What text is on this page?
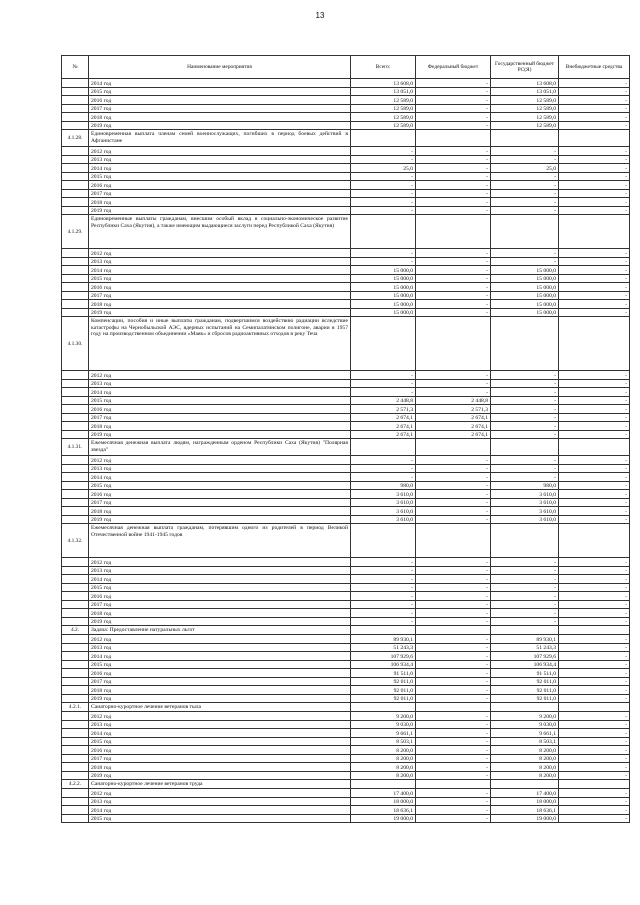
13
№	Наименование мероприятия	Всего:	Федеральный бюджет	Государственный бюджет РС(Я)	Внебюджетные средства
	2014 год	13 608,0	-	13 608,0	-
	2015 год	13 051,0	-	13 051,0	-
	2016 год	12 589,0	-	12 589,0	-
	2017 год	12 589,0	-	12 589,0	-
	2018 год	12 589,0	-	12 589,0	-
	2019 год	12 589,0	-	12 589,0	-
4.1.28.	Единовременная выплата членам семей военнослужащих, погибших в период боевых действий в Афганистане				
	2012 год	-	-	-	-
	2013 год	-	-	-	-
	2014 год	25,0	-	25,0	-
	2015 год	-	-	-	-
	2016 год	-	-	-	-
	2017 год	-	-	-	-
	2018 год	-	-	-	-
	2019 год	-	-	-	-
4.1.29.	Единовременные выплаты гражданам, внесшим особый вклад в социально-экономическое развитие Республики Саха (Якутия), а также имеющим выдающиеся заслуги перед Республикой Саха (Якутия)				
	2012 год	-	-	-	-
	2013 год	-	-	-	-
	2014 год	15 000,0	-	15 000,0	-
	2015 год	15 000,0	-	15 000,0	-
	2016 год	15 000,0	-	15 000,0	-
	2017 год	15 000,0	-	15 000,0	-
	2018 год	15 000,0	-	15 000,0	-
	2019 год	15 000,0	-	15 000,0	-
4.1.30.	Компенсации, пособия и иные выплаты гражданам, подвергшимся воздействию радиации вследствие катастрофы на Чернобыльской АЭС, ядерных испытаний на Семипалатинском полигоне, аварии в 1957 году на производственном объединении «Маяк» и сбросов радиоактивных отходов в реку Теча				
	2012 год	-	-	-	-
	2013 год	-	-	-	-
	2014 год	-	-	-	-
	2015 год	2 448,8	2 448,8	-	-
	2016 год	2 571,3	2 571,3	-	-
	2017 год	2 674,1	2 674,1	-	-
	2018 год	2 674,1	2 674,1	-	-
	2019 год	2 674,1	2 674,1	-	-
4.1.31.	Ежемесячная денежная выплата людям, награжденным орденом Республики Саха (Якутия) "Полярная звезда"				
	2012 год	-	-	-	-
	2013 год	-	-	-	-
	2014 год	-	-	-	-
	2015 год	980,0	-	980,0	-
	2016 год	3 610,0	-	3 610,0	-
	2017 год	3 610,0	-	3 610,0	-
	2018 год	3 610,0	-	3 610,0	-
	2019 год	3 610,0	-	3 610,0	-
4.1.32.	Ежемесячная денежная выплата гражданам, потерявшим одного из родителей в период Великой Отечественной войне 1941-1945 годов				
	2012 год	-	-	-	-
	2013 год	-	-	-	-
	2014 год	-	-	-	-
	2015 год	-	-	-	-
	2016 год	-	-	-	-
	2017 год	-	-	-	-
	2018 год	-	-	-	-
	2019 год	-	-	-	-
4.2.	Задача: Предоставление натуральных льгот				
	2012 год	89 930,1	-	89 930,1	-
	2013 год	51 243,3	-	51 243,3	-
	2014 год	107 929,6	-	107 929,6	-
	2015 год	106 934,4	-	106 934,4	-
	2016 год	91 511,0	-	91 511,0	-
	2017 год	92 011,0	-	92 011,0	-
	2018 год	92 011,0	-	92 011,0	-
	2019 год	92 011,0	-	92 011,0	-
4.2.1.	Санаторно-курортное лечение ветеранов тыла				
	2012 год	9 200,0	-	9 200,0	-
	2013 год	9 030,0	-	9 030,0	-
	2014 год	9 661,1	-	9 661,1	-
	2015 год	8 503,1	-	8 503,1	-
	2016 год	8 200,0	-	8 200,0	-
	2017 год	8 200,0	-	8 200,0	-
	2018 год	8 200,0	-	8 200,0	-
	2019 год	8 200,0	-	8 200,0	-
4.2.2.	Санаторно-курортное лечение ветеранов труда				
	2012 год	17 400,0	-	17 400,0	-
	2013 год	18 000,0	-	18 000,0	-
	2014 год	18 636,1	-	18 636,1	-
	2015 год	19 000,0	-	19 000,0	-
